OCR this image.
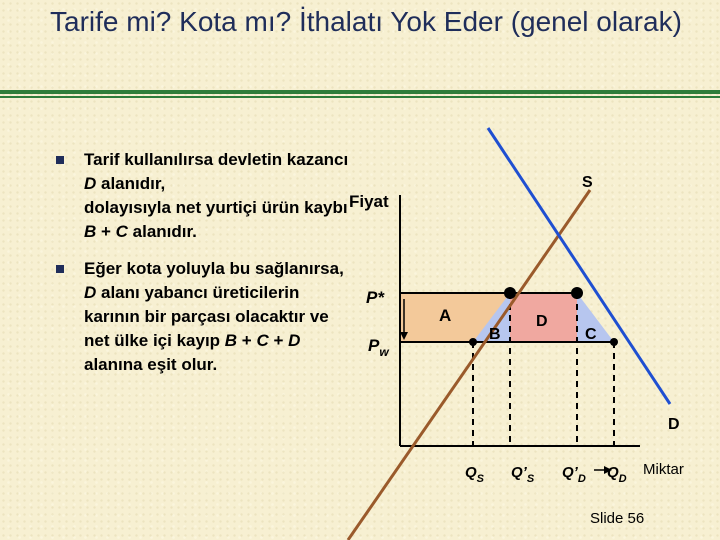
Tarife mi? Kota mı? İthalatı Yok Eder (genel olarak)
Tarif kullanılırsa devletin kazancı D alanıdır,
dolayısıyla net yurtiçi ürün kaybı B + C alanıdır.
Eğer kota yoluyla bu sağlanırsa, D alanı yabancı üreticilerin karının bir parçası olacaktır ve net ülke içi kayıp B + C + D alanına eşit olur.
Fiyat
S
D
P*
$P_w$
A
B
D
C
$Q_S$ $Q’_S$ $Q’_D$ $Q_D$
Miktar
Slide 56
